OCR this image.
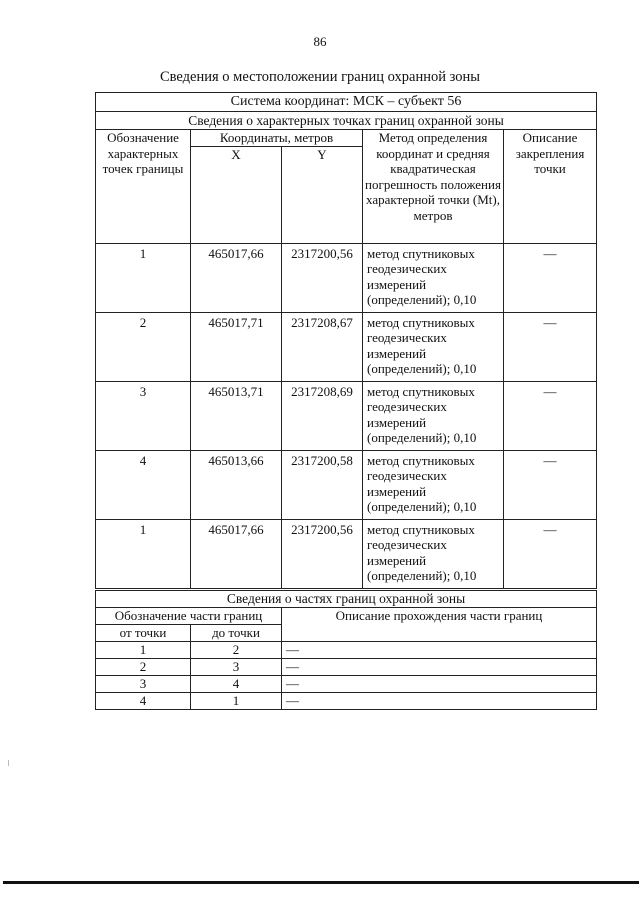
86
Сведения о местоположении границ охранной зоны
Система координат: МСК – субъект 56				
Сведения о характерных точках границ охранной зоны				
Обозначение характерных точек границы	Координаты, метров		Метод определения координат и средняя квадратическая погрешность положения характерной точки (Mt), метров	Описание закрепления точки
	X	Y		
1	465017,66	2317200,56	метод спутниковых геодезических измерений (определений); 0,10	—
2	465017,71	2317208,67	метод спутниковых геодезических измерений (определений); 0,10	—
3	465013,71	2317208,69	метод спутниковых геодезических измерений (определений); 0,10	—
4	465013,66	2317200,58	метод спутниковых геодезических измерений (определений); 0,10	—
1	465017,66	2317200,56	метод спутниковых геодезических измерений (определений); 0,10	—
Сведения о частях границ охранной зоны		
Обозначение части границ		Описание прохождения части границ
от точки	до точки	
1	2	—
2	3	—
3	4	—
4	1	—
